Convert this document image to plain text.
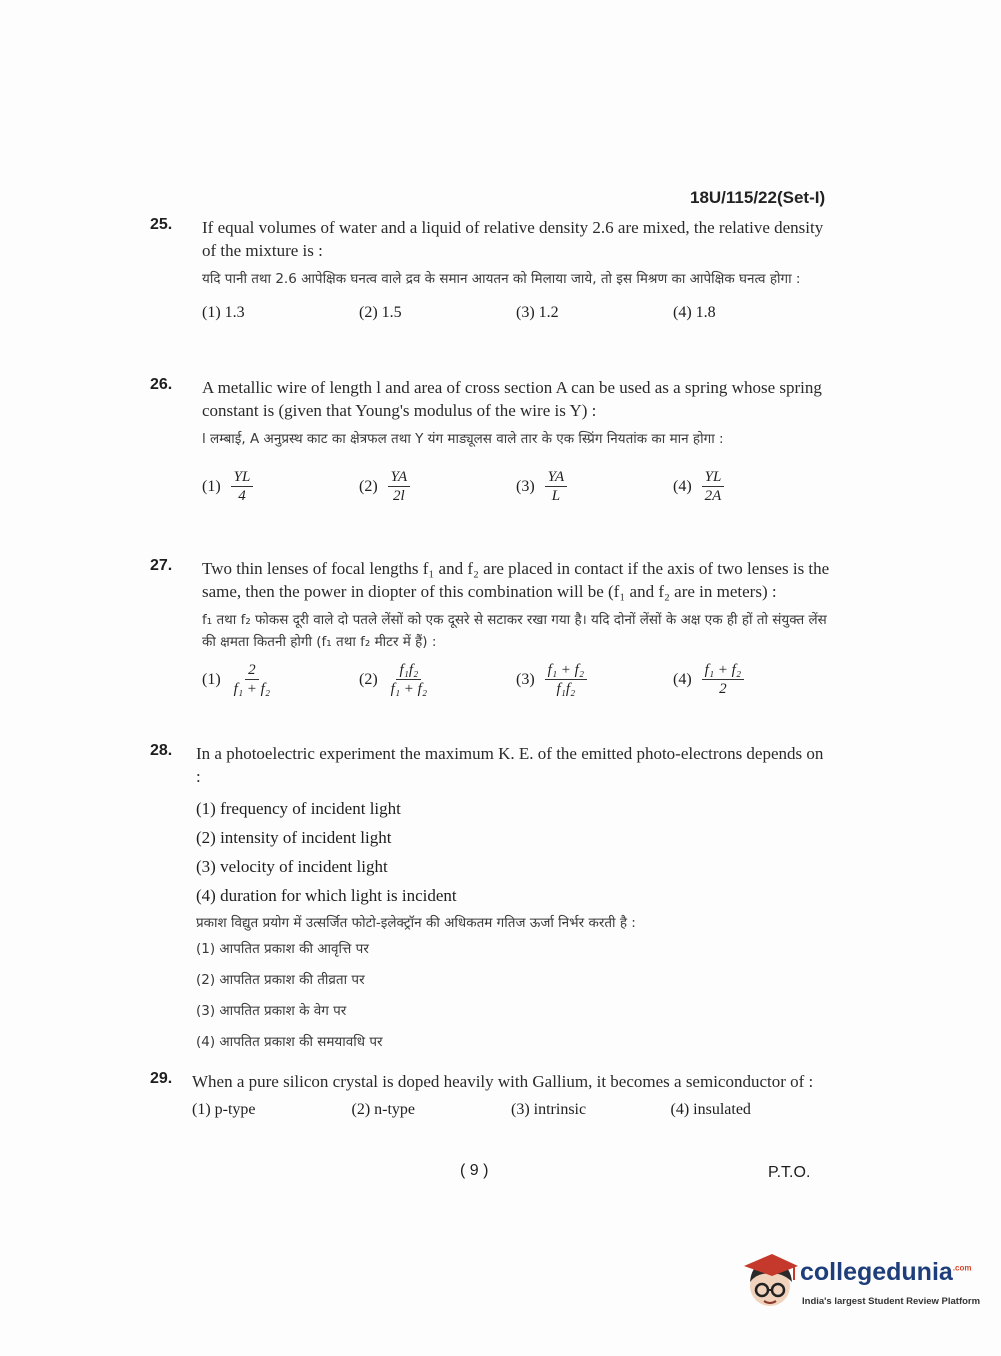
18U/115/22(Set-I)
25. If equal volumes of water and a liquid of relative density 2.6 are mixed, the relative density of the mixture is :
यदि पानी तथा 2.6 आपेक्षिक घनत्व वाले द्रव के समान आयतन को मिलाया जाये, तो इस मिश्रण का आपेक्षिक घनत्व होगा :
(1) 1.3	(2) 1.5	(3) 1.2	(4) 1.8
26. A metallic wire of length l and area of cross section A can be used as a spring whose spring constant is (given that Young's modulus of the wire is Y) :
l लम्बाई, A अनुप्रस्थ काट का क्षेत्रफल तथा Y यंग माड्यूलस वाले तार के एक स्प्रिंग नियतांक का मान होगा :
$(1) \frac{YL}{4}$	$(2) \frac{YA}{2l}$	$(3) \frac{YA}{L}$	$(4) \frac{YL}{2A}$
27. Two thin lenses of focal lengths f₁ and f₂ are placed in contact if the axis of two lenses is the same, then the power in diopter of this combination will be (f₁ and f₂ are in meters) :
f₁ तथा f₂ फोकस दूरी वाले दो पतले लेंसों को एक दूसरे से सटाकर रखा गया है। यदि दोनों लेंसों के अक्ष एक ही हों तो संयुक्त लेंस की क्षमता कितनी होगी (f₁ तथा f₂ मीटर में हैं) :
$(1) \frac{2}{\text{f₁ + f₂}}$	$(2) \frac{\text{f₁f₂}}{\text{f₁ + f₂}}$	$(3) \frac{\text{f₁ + f₂}}{\text{f₁f₂}}$	$(4) \frac{\text{f₁ + f₂}}{2}$
28. In a photoelectric experiment the maximum K. E. of the emitted photo-electrons depends on :
(1) frequency of incident light
(2) intensity of incident light
(3) velocity of incident light
(4) duration for which light is incident
प्रकाश विद्युत प्रयोग में उत्सर्जित फोटो-इलेक्ट्रॉन की अधिकतम गतिज ऊर्जा निर्भर करती है :
(1) आपतित प्रकाश की आवृत्ति पर
(2) आपतित प्रकाश की तीव्रता पर
(3) आपतित प्रकाश के वेग पर
(4) आपतित प्रकाश की समयावधि पर
29. When a pure silicon crystal is doped heavily with Gallium, it becomes a semiconductor of :
(1) p-type	(2) n-type	(3) intrinsic	(4) insulated
( 9 )	P.T.O.
collegedunia$^{.com}$
India's largest Student Review Platform
